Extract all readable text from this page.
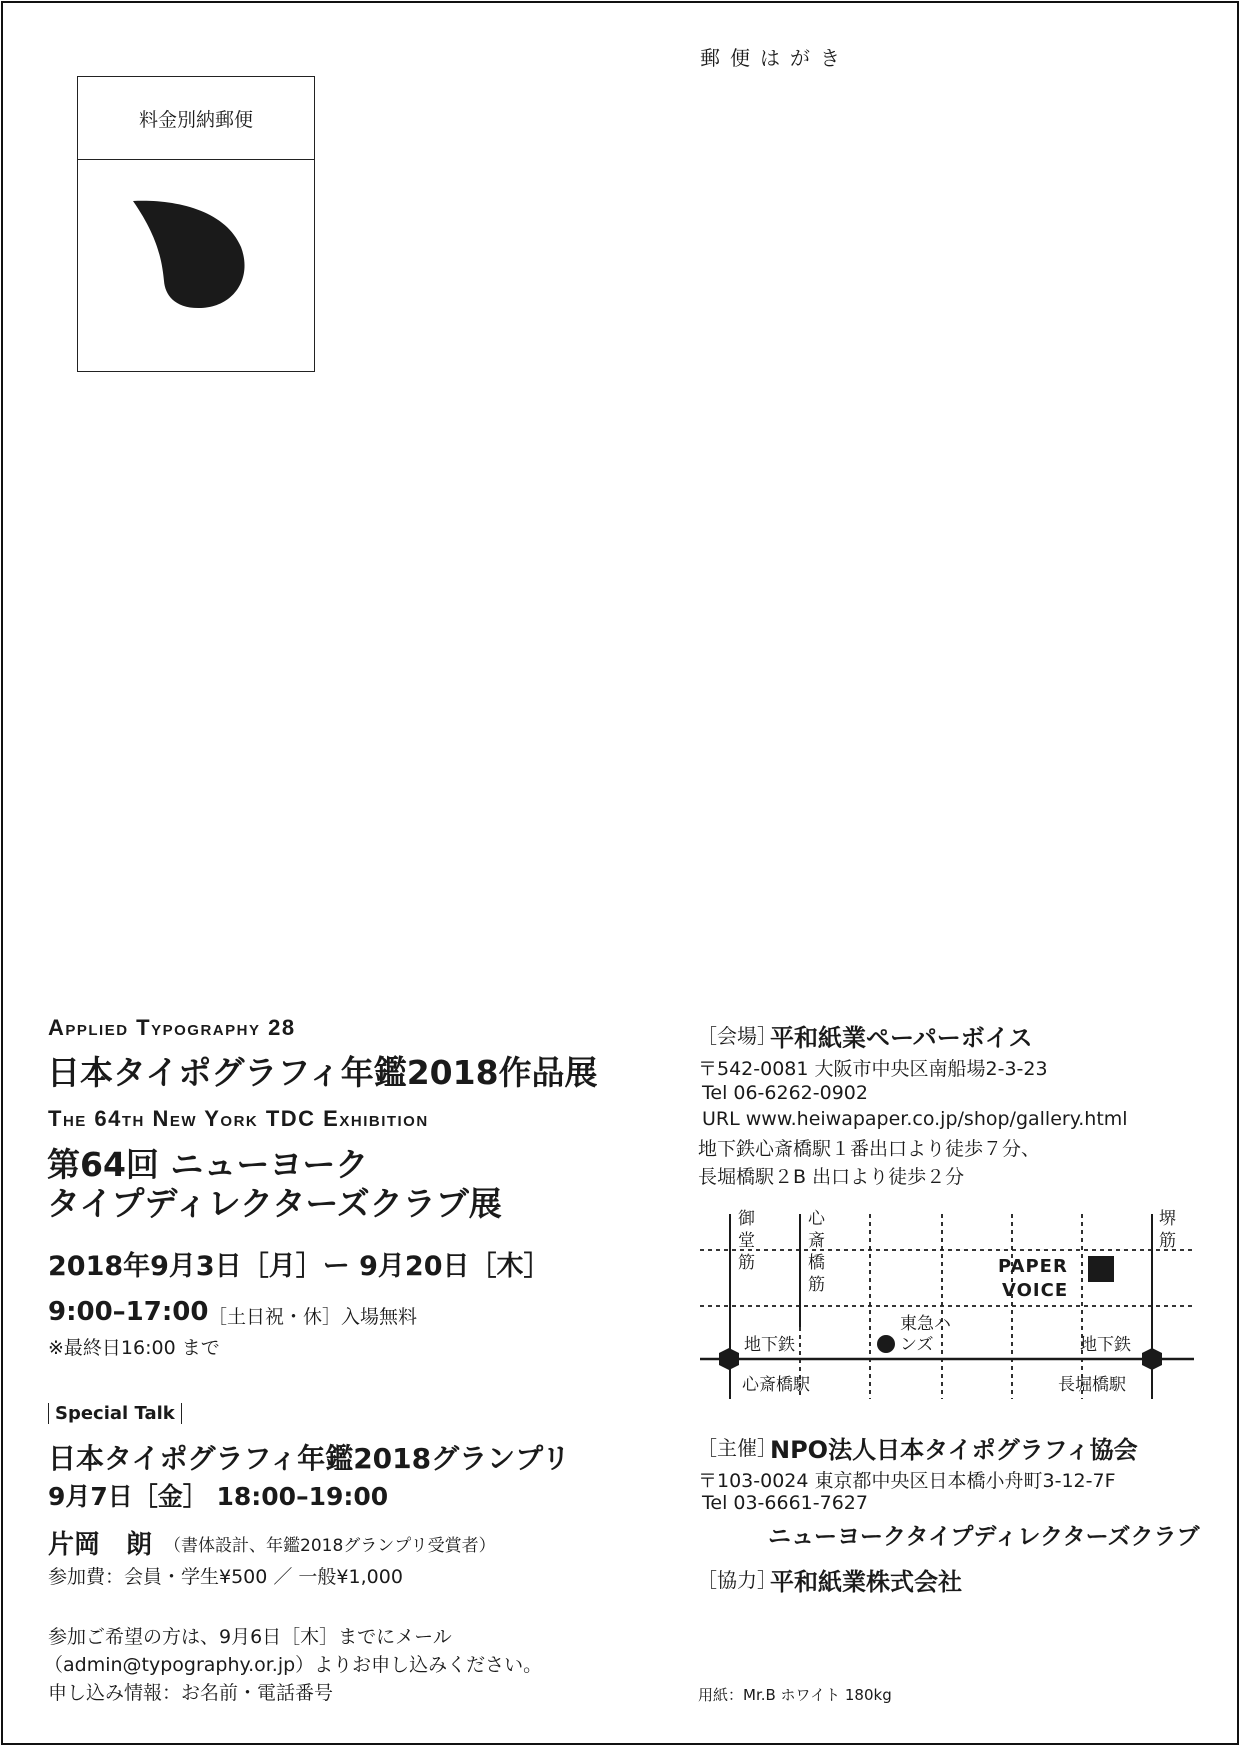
料金別納郵便
郵便はがき
Applied Typography 28
日本タイポグラフィ年鑑2018作品展
The 64th New York TDC Exhibition
第64回 ニューヨーク
タイプディレクターズクラブ展
2018年9月3日［月］ー 9月20日［木］
9:00–17:00 ［土日祝・休］入場無料
※最終日16:00 まで
Special Talk
日本タイポグラフィ年鑑2018グランプリ
9月7日［金］ 18:00–19:00
片岡　朗 （書体設計、年鑑2018グランプリ受賞者）
参加費：会員・学生¥500 ／ 一般¥1,000
参加ご希望の方は、9月6日［木］までにメール
（admin@typography.or.jp）よりお申し込みください。
申し込み情報：お名前・電話番号
［会場］
平和紙業ペーパーボイス
〒542-0081 大阪市中央区南船場2-3-23
Tel 06-6262-0902
URL www.heiwapaper.co.jp/shop/gallery.html
地下鉄心斎橋駅１番出口より徒歩７分、
長堀橋駅２B 出口より徒歩２分
御堂筋
心斎橋筋
堺筋
PAPER
VOICE
東急ハンズ
地下鉄
心斎橋駅
地下鉄
長堀橋駅
［主催］
NPO法人日本タイポグラフィ協会
〒103-0024 東京都中央区日本橋小舟町3-12-7F
Tel 03-6661-7627
ニューヨークタイプディレクターズクラブ
［協力］
平和紙業株式会社
用紙：Mr.B ホワイト 180kg
